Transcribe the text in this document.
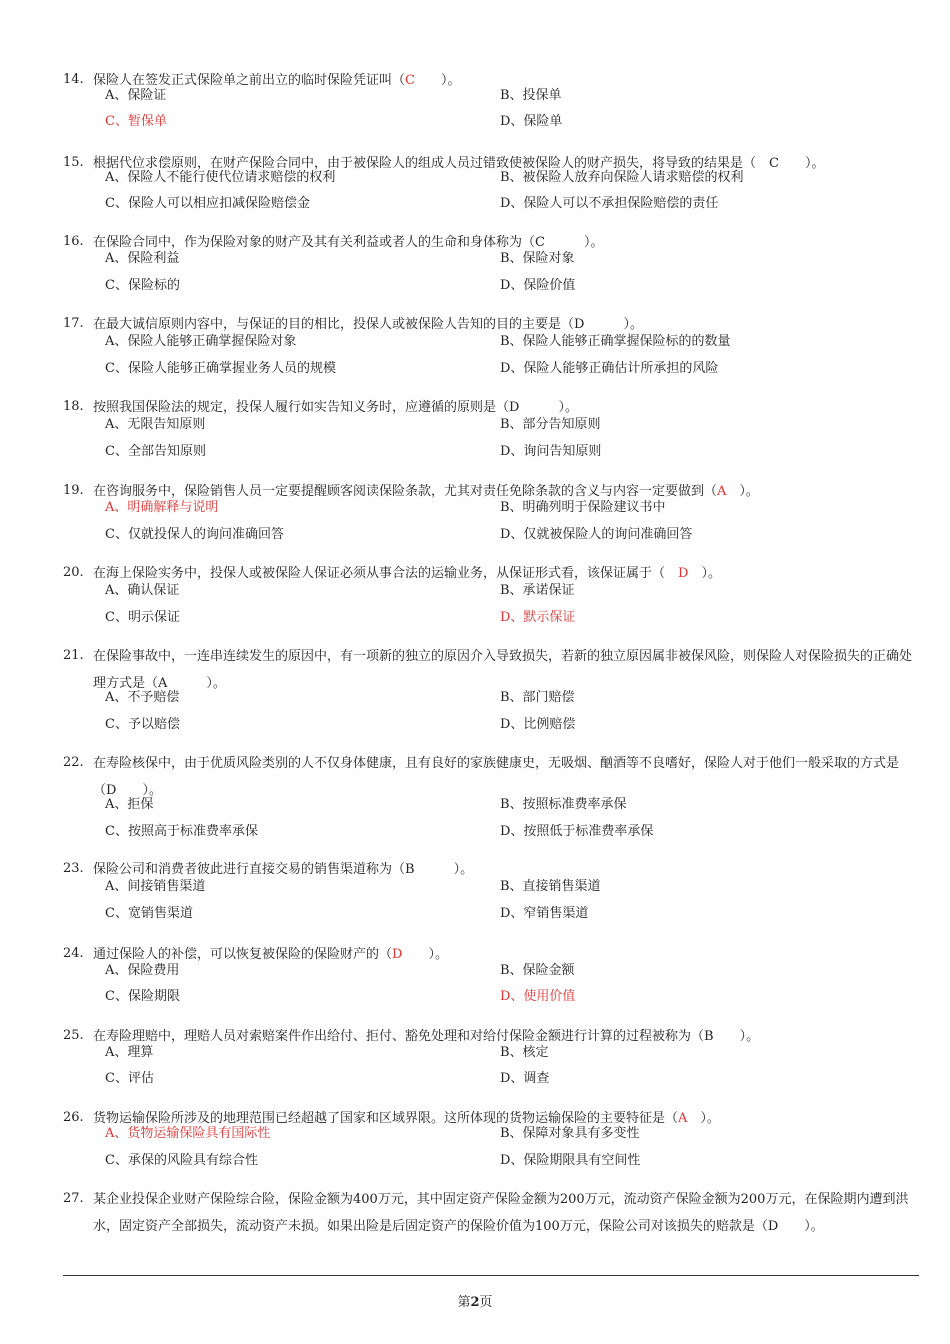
14. 保险人在签发正式保险单之前出立的临时保险凭证叫（C　　）。
A、保险证	B、投保单
C、暂保单	D、保险单
15. 根据代位求偿原则，在财产保险合同中，由于被保险人的组成人员过错致使被保险人的财产损失，将导致的结果是（　C　　）。
A、保险人不能行使代位请求赔偿的权利	B、被保险人放弃向保险人请求赔偿的权利
C、保险人可以相应扣减保险赔偿金	D、保险人可以不承担保险赔偿的责任
16. 在保险合同中，作为保险对象的财产及其有关利益或者人的生命和身体称为（C　　　）。
A、保险利益	B、保险对象
C、保险标的	D、保险价值
17. 在最大诚信原则内容中，与保证的目的相比，投保人或被保险人告知的目的主要是（D　　　）。
A、保险人能够正确掌握保险对象	B、保险人能够正确掌握保险标的的数量
C、保险人能够正确掌握业务人员的规模	D、保险人能够正确估计所承担的风险
18. 按照我国保险法的规定，投保人履行如实告知义务时，应遵循的原则是（D　　　）。
A、无限告知原则	B、部分告知原则
C、全部告知原则	D、询问告知原则
19. 在咨询服务中，保险销售人员一定要提醒顾客阅读保险条款，尤其对责任免除条款的含义与内容一定要做到（A　）。
A、明确解释与说明	B、明确列明于保险建议书中
C、仅就投保人的询问准确回答	D、仅就被保险人的询问准确回答
20. 在海上保险实务中，投保人或被保险人保证必须从事合法的运输业务，从保证形式看，该保证属于（　D　）。
A、确认保证	B、承诺保证
C、明示保证	D、默示保证
21. 在保险事故中，一连串连续发生的原因中，有一项新的独立的原因介入导致损失，若新的独立原因属非被保风险，则保险人对保险损失的正确处理方式是（A　　　）。
A、不予赔偿	B、部门赔偿
C、予以赔偿	D、比例赔偿
22. 在寿险核保中，由于优质风险类别的人不仅身体健康，且有良好的家族健康史，无吸烟、酗酒等不良嗜好，保险人对于他们一般采取的方式是（D　　）。
A、拒保	B、按照标准费率承保
C、按照高于标准费率承保	D、按照低于标准费率承保
23. 保险公司和消费者彼此进行直接交易的销售渠道称为（B　　　）。
A、间接销售渠道	B、直接销售渠道
C、宽销售渠道	D、窄销售渠道
24. 通过保险人的补偿，可以恢复被保险的保险财产的（D　　）。
A、保险费用	B、保险金额
C、保险期限	D、使用价值
25. 在寿险理赔中，理赔人员对索赔案件作出给付、拒付、豁免处理和对给付保险金额进行计算的过程被称为（B　　）。
A、理算	B、核定
C、评估	D、调查
26. 货物运输保险所涉及的地理范围已经超越了国家和区域界限。这所体现的货物运输保险的主要特征是（A　）。
A、货物运输保险具有国际性	B、保障对象具有多变性
C、承保的风险具有综合性	D、保险期限具有空间性
27. 某企业投保企业财产保险综合险，保险金额为400万元，其中固定资产保险金额为200万元，流动资产保险金额为200万元，在保险期内遭到洪水，固定资产全部损失，流动资产未损。如果出险是后固定资产的保险价值为100万元，保险公司对该损失的赔款是（D　　）。
第2页
